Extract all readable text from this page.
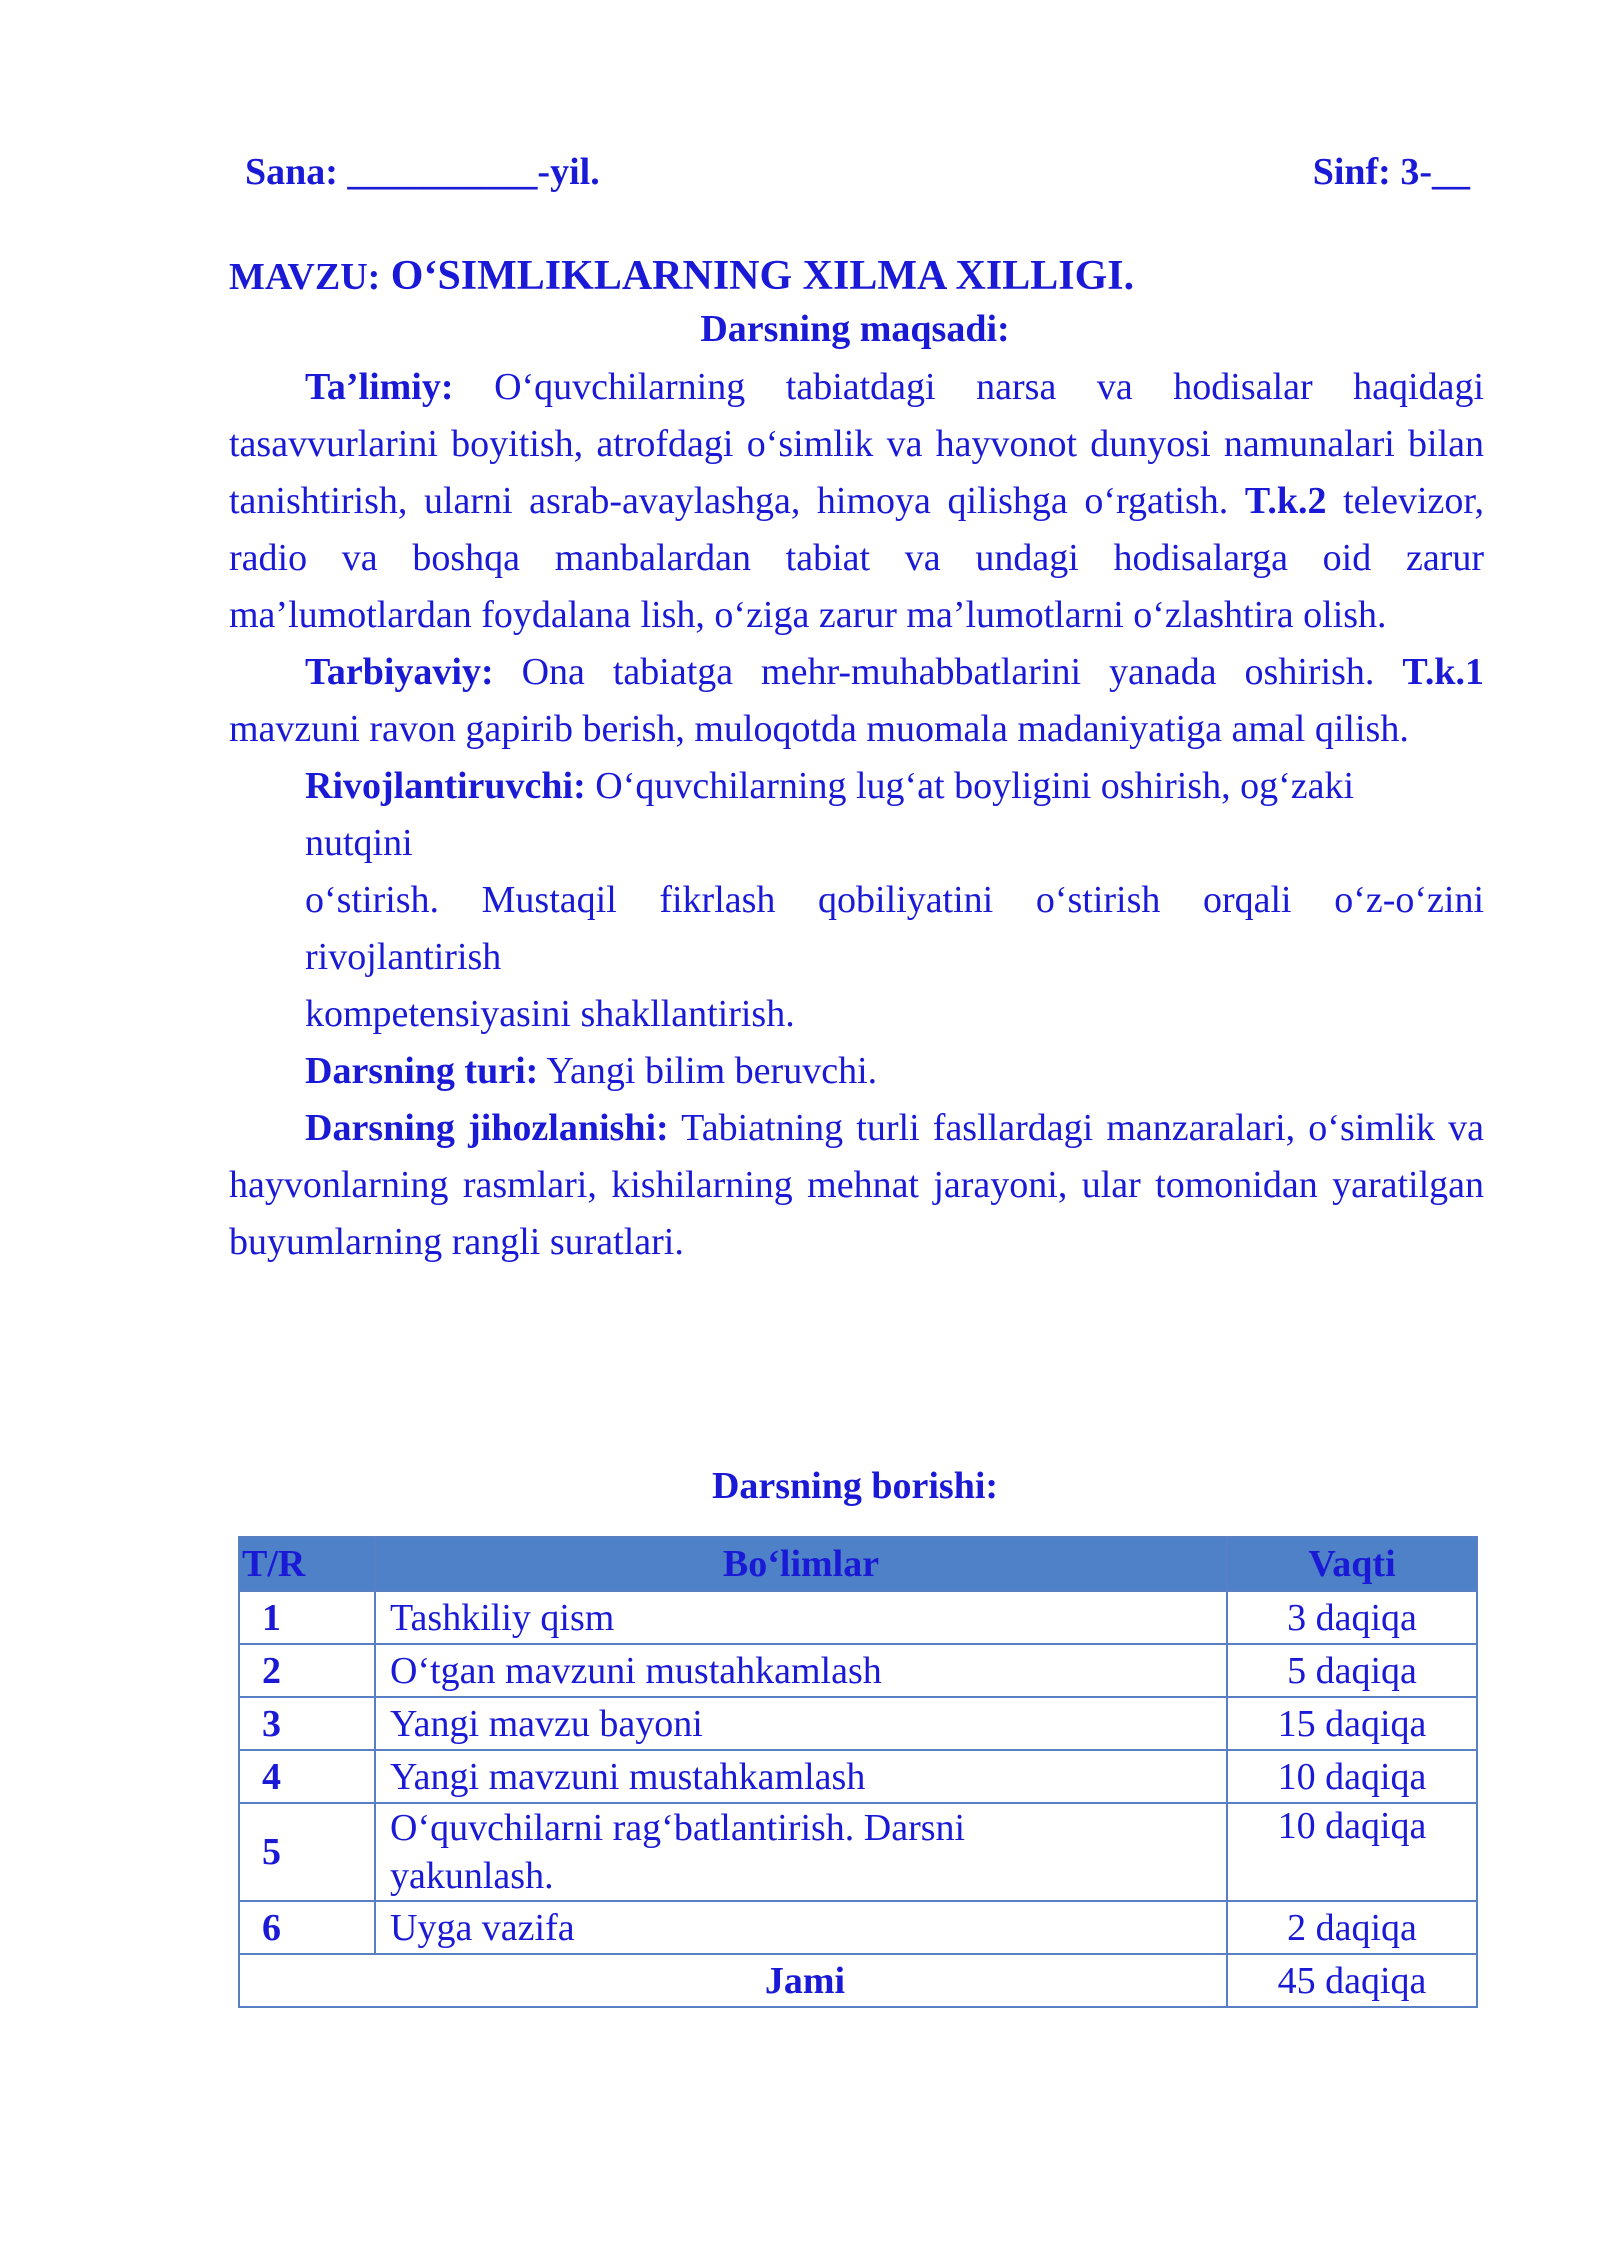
Sana: __________-yil.	Sinf: 3-__
MAVZU: O‘SIMLIKLARNING XILMA XILLIGI.
Darsning maqsadi:

Ta’limiy: O‘quvchilarning tabiatdagi narsa va hodisalar haqidagi tasavvurlarini boyitish, atrofdagi o‘simlik va hayvonot dunyosi namunalari bilan tanishtirish, ularni asrab-avaylashga, himoya qilishga o‘rgatish. T.k.2 televizor, radio va boshqa manbalardan tabiat va undagi hodisalarga oid zarur ma’lumotlardan foydalana lish, o‘ziga zarur ma’lumotlarni o‘zlashtira olish.

Tarbiyaviy: Ona tabiatga mehr-muhabbatlarini yanada oshirish. T.k.1 mavzuni ravon gapirib berish, muloqotda muomala madaniyatiga amal qilish.

Rivojlantiruvchi: O‘quvchilarning lug‘at boyligini oshirish, og‘zaki
nutqini
o‘stirish. Mustaqil fikrlash qobiliyatini o‘stirish orqali o‘z-o‘zini
rivojlantirish
kompetensiyasini shakllantirish.

Darsning turi: Yangi bilim beruvchi.

Darsning jihozlanishi: Tabiatning turli fasllardagi manzaralari, o‘simlik va hayvonlarning rasmlari, kishilarning mehnat jarayoni, ular tomonidan yaratilgan buyumlarning rangli suratlari.

Darsning borishi:
T/R	Bo‘limlar	Vaqti
1	Tashkiliy qism	3 daqiqa
2	O‘tgan mavzuni mustahkamlash	5 daqiqa
3	Yangi mavzu bayoni	15 daqiqa
4	Yangi mavzuni mustahkamlash	10 daqiqa
5	O‘quvchilarni rag‘batlantirish. Darsni yakunlash.	10 daqiqa
6	Uyga vazifa	2 daqiqa
Jami		45 daqiqa
